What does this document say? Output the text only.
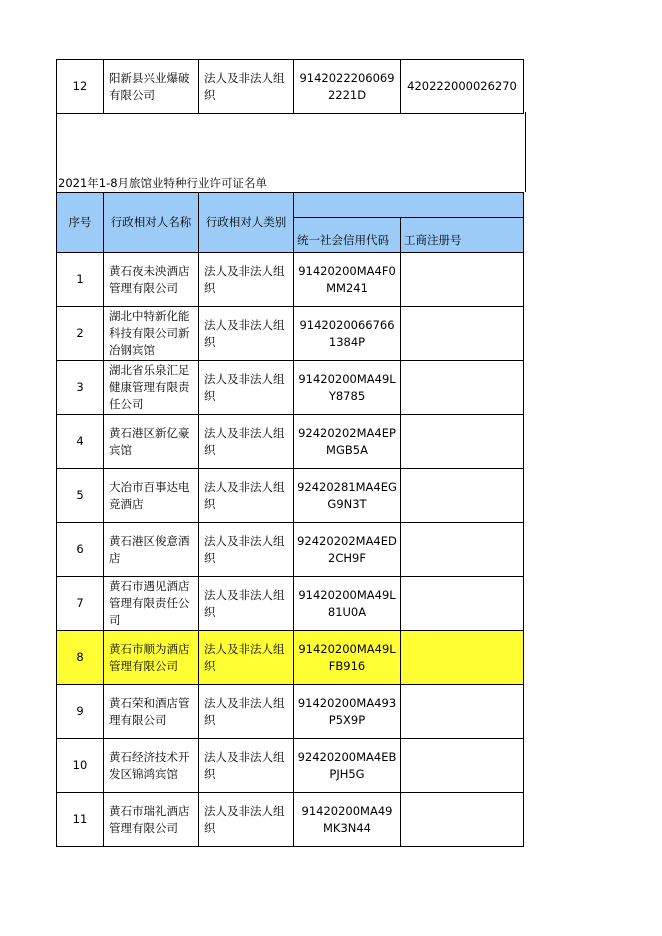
12	阳新县兴业爆破有限公司	法人及非法人组织	91420222060692221D	420222000026270
2021年1-8月旅馆业特种行业许可证名单
序号	行政相对人名称	行政相对人类别		
			统一社会信用代码	工商注册号
1	黄石夜未泱酒店管理有限公司	法人及非法人组织	91420200MA4F0MM241	
2	湖北中特新化能科技有限公司新冶钢宾馆	法人及非法人组织	91420200667661384P	
3	湖北省乐泉汇足健康管理有限责任公司	法人及非法人组织	91420200MA49LY8785	
4	黄石港区新亿豪宾馆	法人及非法人组织	92420202MA4EPMGB5A	
5	大冶市百事达电竞酒店	法人及非法人组织	92420281MA4EGG9N3T	
6	黄石港区俊意酒店	法人及非法人组织	92420202MA4ED2CH9F	
7	黄石市遇见酒店管理有限责任公司	法人及非法人组织	91420200MA49L81U0A	
8	黄石市顺为酒店管理有限公司	法人及非法人组织	91420200MA49LFB916	
9	黄石荣和酒店管理有限公司	法人及非法人组织	91420200MA493P5X9P	
10	黄石经济技术开发区锦鸿宾馆	法人及非法人组织	92420200MA4EBPJH5G	
11	黄石市瑞礼酒店管理有限公司	法人及非法人组织	91420200MA49MK3N44	
